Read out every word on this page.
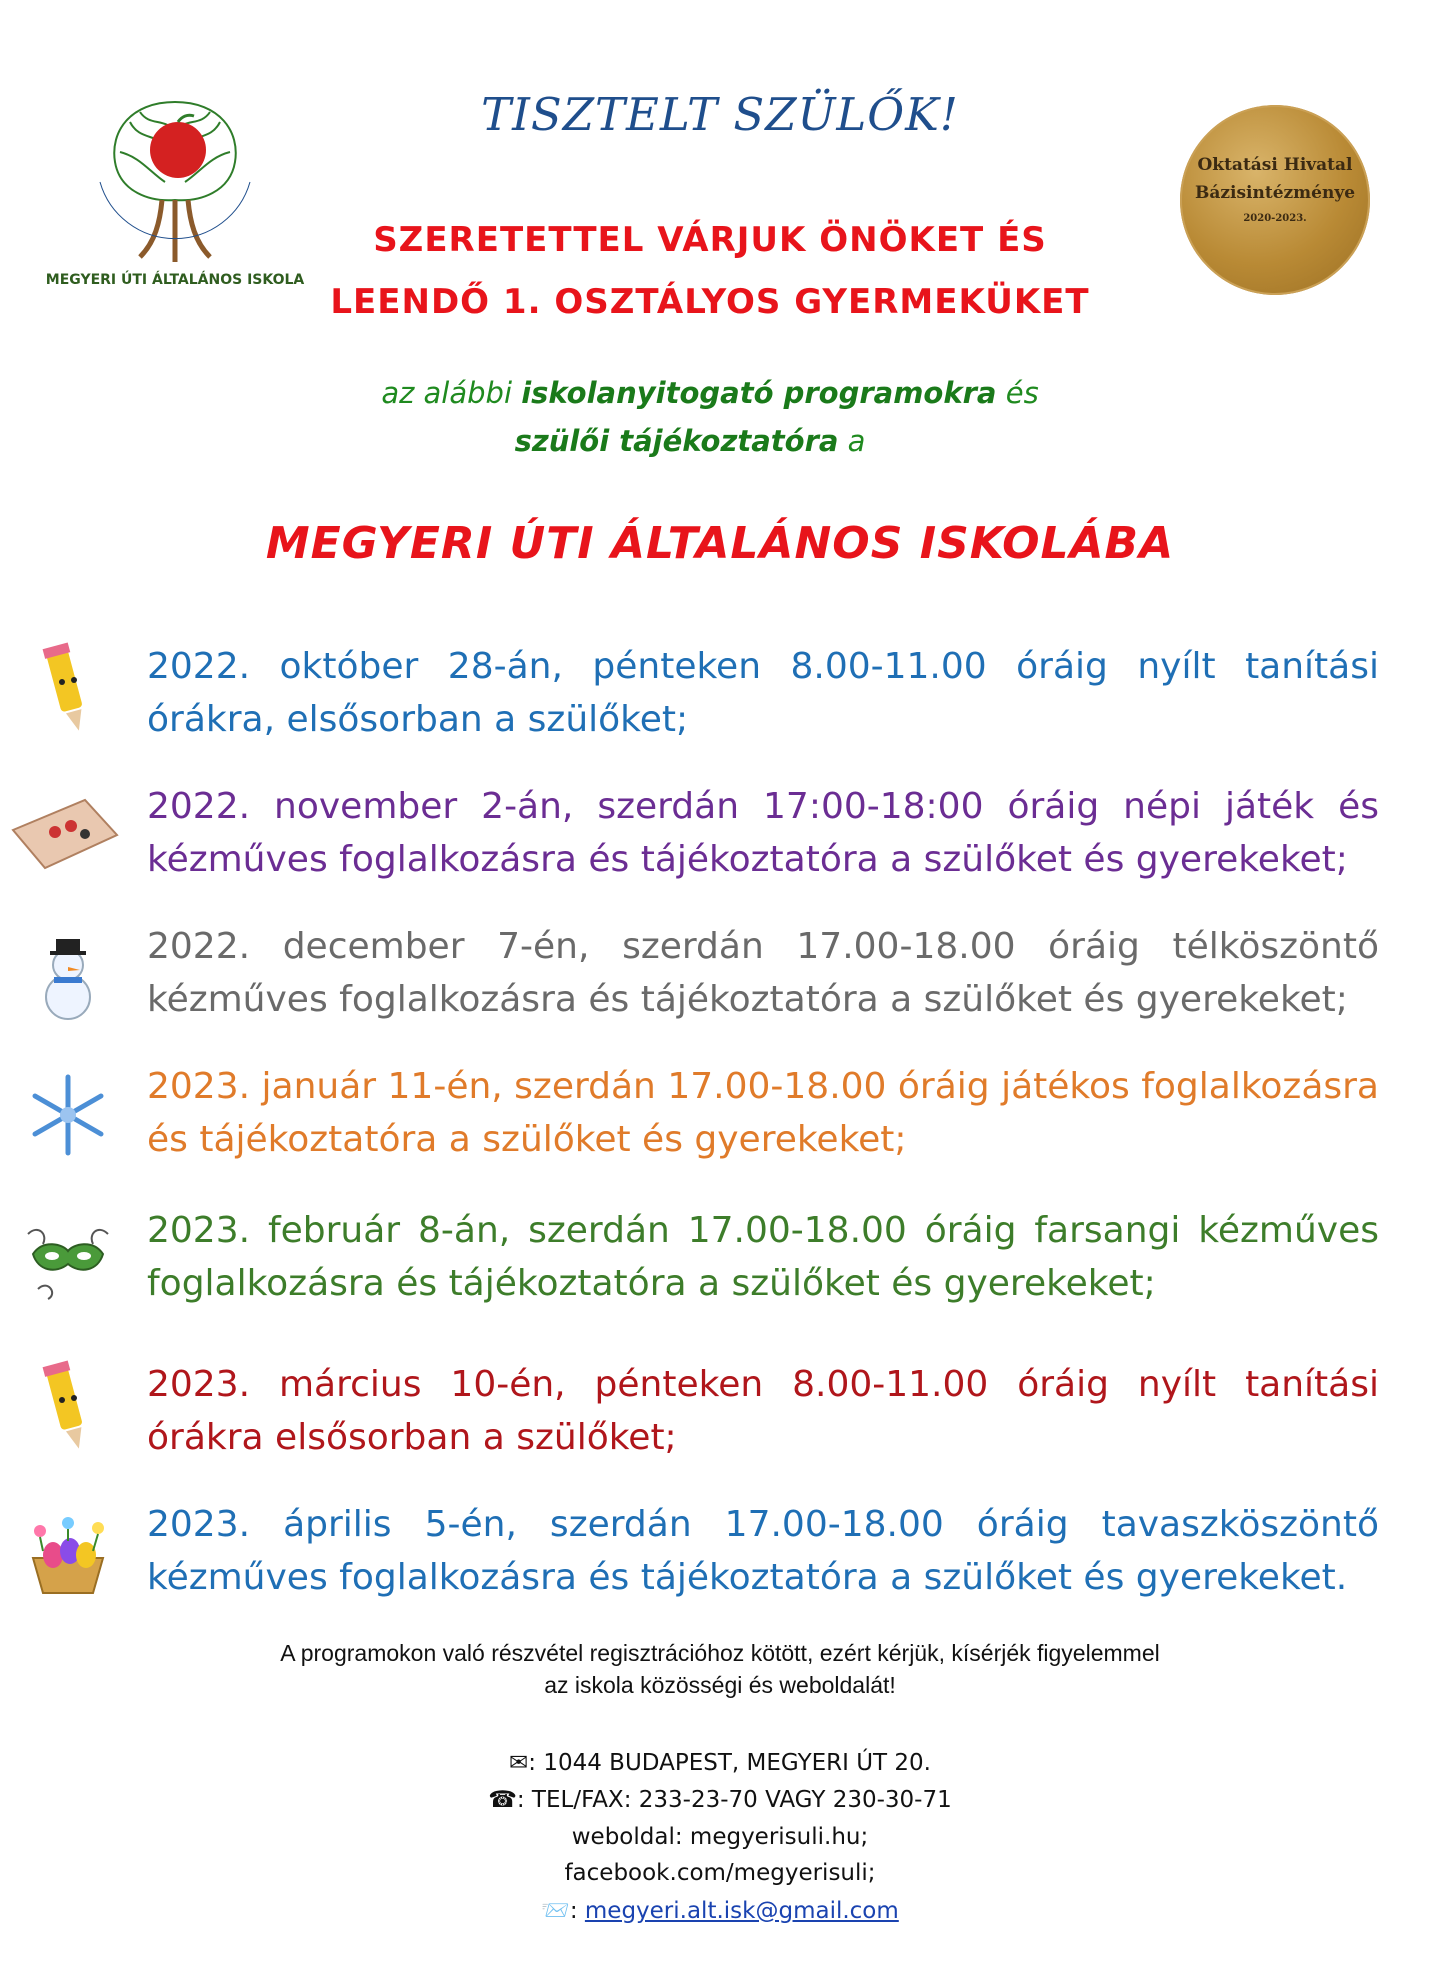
MEGYERI ÚTI ÁLTALÁNOS ISKOLA
TISZTELT SZÜLŐK!
Oktatási Hivatal
Bázisintézménye
2020-2023.
SZERETETTEL VÁRJUK ÖNÖKET ÉS
LEENDŐ 1. OSZTÁLYOS GYERMEKÜKET
az alábbi iskolanyitogató programokra és
szülői tájékoztatóra a
MEGYERI ÚTI ÁLTALÁNOS ISKOLÁBA
2022. október 28-án, pénteken 8.00-11.00 óráig nyílt tanítási órákra, elsősorban a szülőket;
2022. november 2-án, szerdán 17:00-18:00 óráig népi játék és kézműves foglalkozásra és tájékoztatóra a szülőket és gyerekeket;
2022. december 7-én, szerdán 17.00-18.00 óráig télköszöntő kézműves foglalkozásra és tájékoztatóra a szülőket és gyerekeket;
2023. január 11-én, szerdán 17.00-18.00 óráig játékos foglalkozásra és tájékoztatóra a szülőket és gyerekeket;
2023. február 8-án, szerdán 17.00-18.00 óráig farsangi kézműves foglalkozásra és tájékoztatóra a szülőket és gyerekeket;
2023. március 10-én, pénteken 8.00-11.00 óráig nyílt tanítási órákra elsősorban a szülőket;
2023. április 5-én, szerdán 17.00-18.00 óráig tavaszköszöntő kézműves foglalkozásra és tájékoztatóra a szülőket és gyerekeket.
A programokon való részvétel regisztrációhoz kötött, ezért kérjük, kísérjék figyelemmel
az iskola közösségi és weboldalát!
✉: 1044 BUDAPEST, MEGYERI ÚT 20.
☎: TEL/FAX: 233-23-70 VAGY 230-30-71
weboldal: megyerisuli.hu;
facebook.com/megyerisuli;
📨: megyeri.alt.isk@gmail.com
